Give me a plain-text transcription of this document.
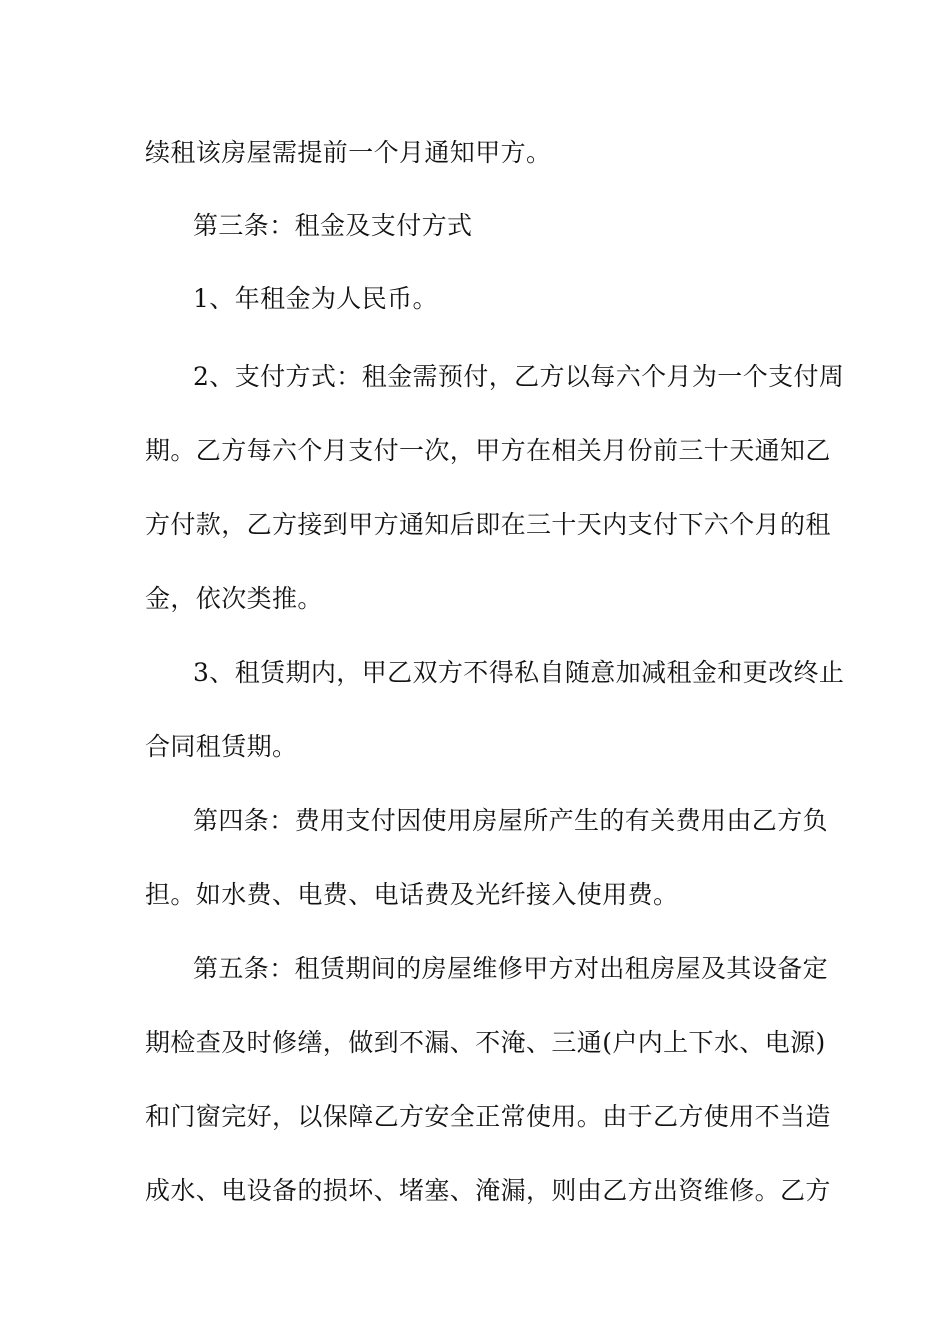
续租该房屋需提前一个月通知甲方。
第三条：租金及支付方式
1、年租金为人民币。
2、支付方式：租金需预付，乙方以每六个月为一个支付周
期。乙方每六个月支付一次，甲方在相关月份前三十天通知乙
方付款，乙方接到甲方通知后即在三十天内支付下六个月的租
金，依次类推。
3、租赁期内，甲乙双方不得私自随意加减租金和更改终止
合同租赁期。
第四条：费用支付因使用房屋所产生的有关费用由乙方负
担。如水费、电费、电话费及光纤接入使用费。
第五条：租赁期间的房屋维修甲方对出租房屋及其设备定
期检查及时修缮，做到不漏、不淹、三通(户内上下水、电源)
和门窗完好，以保障乙方安全正常使用。由于乙方使用不当造
成水、电设备的损坏、堵塞、淹漏，则由乙方出资维修。乙方
